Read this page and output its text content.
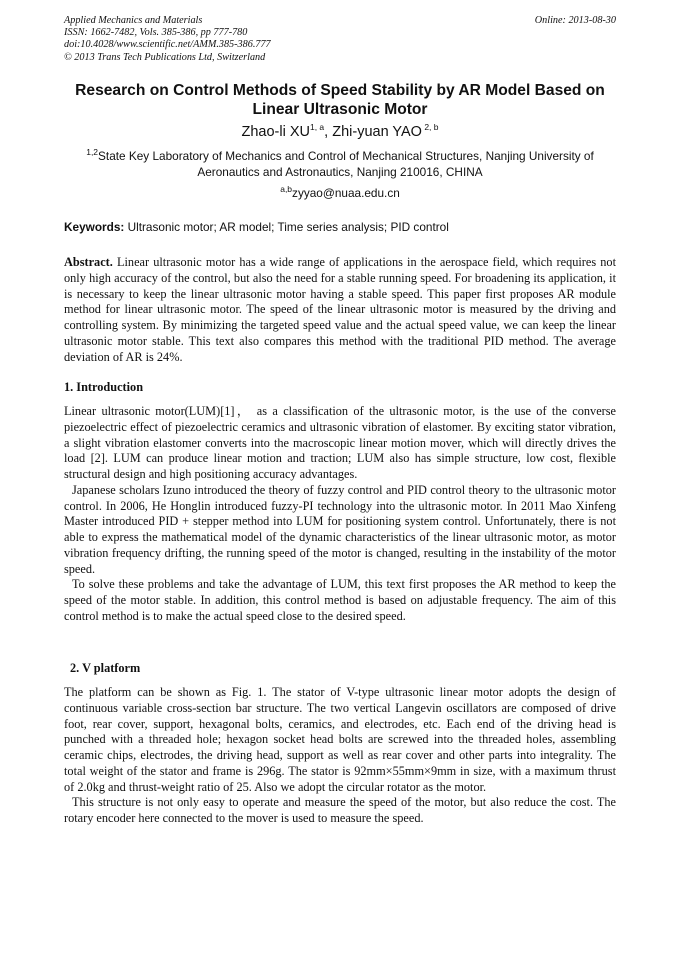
Applied Mechanics and Materials
ISSN: 1662-7482, Vols. 385-386, pp 777-780
doi:10.4028/www.scientific.net/AMM.385-386.777
© 2013 Trans Tech Publications Ltd, Switzerland
Online: 2013-08-30
Research on Control Methods of Speed Stability by AR Model Based on Linear Ultrasonic Motor
Zhao-li XU$^{1, a}$, Zhi-yuan YAO $^{2, b}$
$^{1,2}$State Key Laboratory of Mechanics and Control of Mechanical Structures, Nanjing University of Aeronautics and Astronautics, Nanjing 210016, CHINA
$^{a,b}$zyyao@nuaa.edu.cn
Keywords: Ultrasonic motor; AR model; Time series analysis; PID control

Abstract. Linear ultrasonic motor has a wide range of applications in the aerospace field, which requires not only high accuracy of the control, but also the need for a stable running speed. For broadening its application, it is necessary to keep the linear ultrasonic motor having a stable speed. This paper first proposes AR module method for linear ultrasonic motor. The speed of the linear ultrasonic motor is measured by the driving and controlling system. By minimizing the targeted speed value and the actual speed value, we can keep the linear ultrasonic motor stable. This text also compares this method with the traditional PID method. The average deviation of AR is 24%.

1. Introduction

Linear ultrasonic motor(LUM)[1]， as a classification of the ultrasonic motor, is the use of the converse piezoelectric effect of piezoelectric ceramics and ultrasonic vibration of elastomer. By exciting stator vibration, a slight vibration elastomer converts into the macroscopic linear motion mover, which will directly drives the load [2]. LUM can produce linear motion and traction; LUM also has simple structure, low cost, flexible structural design and high positioning accuracy advantages.

Japanese scholars Izuno introduced the theory of fuzzy control and PID control theory to the ultrasonic motor control. In 2006, He Honglin introduced fuzzy-PI technology into the ultrasonic motor. In 2011 Mao Xinfeng Master introduced PID + stepper method into LUM for positioning system control. Unfortunately, there is not able to express the mathematical model of the dynamic characteristics of the linear ultrasonic motor, as motor vibration frequency drifting, the running speed of the motor is changed, resulting in the instability of the motor speed.

To solve these problems and take the advantage of LUM, this text first proposes the AR method to keep the speed of the motor stable. In addition, this control method is based on adjustable frequency. The aim of this control method is to make the actual speed close to the desired speed.

2. V platform

The platform can be shown as Fig. 1. The stator of V-type ultrasonic linear motor adopts the design of continuous variable cross-section bar structure. The two vertical Langevin oscillators are composed of drive foot, rear cover, support, hexagonal bolts, ceramics, and electrodes, etc. Each end of the driving head is punched with a threaded hole; hexagon socket head bolts are screwed into the threaded holes, assembling ceramic chips, electrodes, the driving head, support as well as rear cover and other parts into integrality. The total weight of the stator and frame is 296g. The stator is 92mm×55mm×9mm in size, with a maximum thrust of 2.0kg and thrust-weight ratio of 25. Also we adopt the circular rotator as the motor.

This structure is not only easy to operate and measure the speed of the motor, but also reduce the cost. The rotary encoder here connected to the mover is used to measure the speed.
